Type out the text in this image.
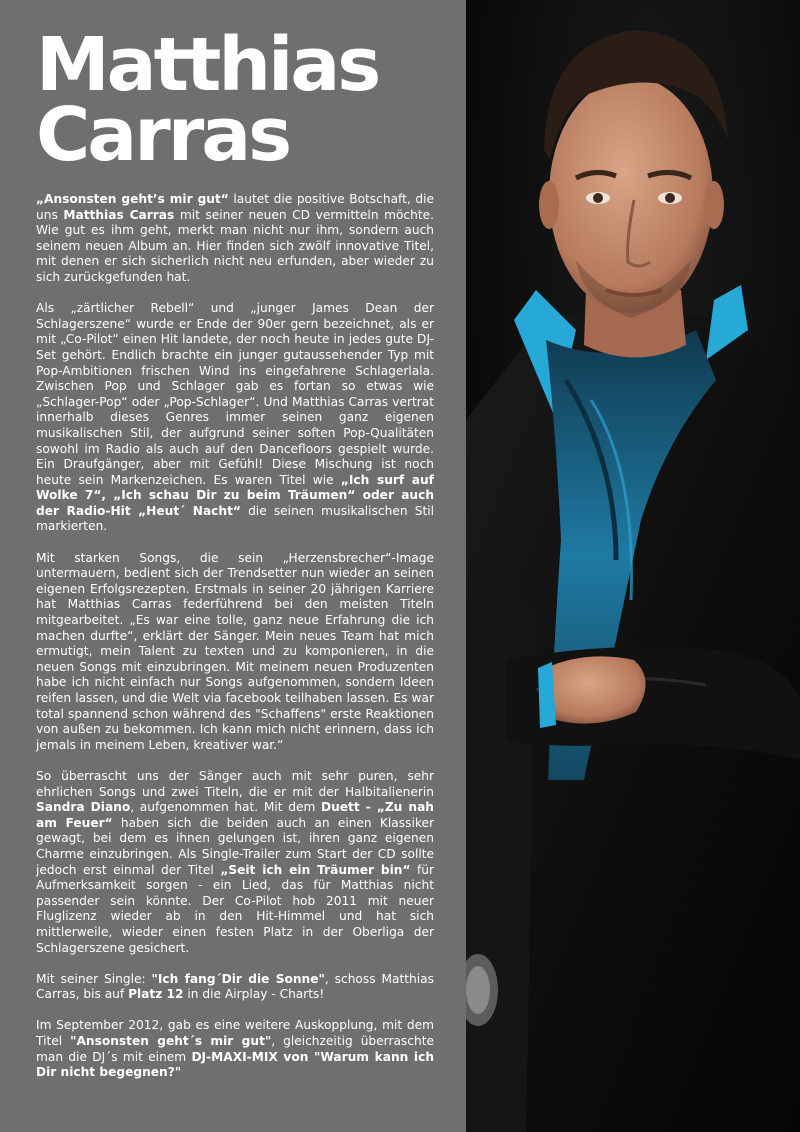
Matthias
Carras

„Ansonsten geht’s mir gut“ lautet die positive Botschaft, die uns Matthias Carras mit seiner neuen CD vermitteln möchte. Wie gut es ihm geht, merkt man nicht nur ihm, sondern auch seinem neuen Album an. Hier finden sich zwölf innovative Titel, mit denen er sich sicherlich nicht neu erfunden, aber wieder zu sich zurückgefunden hat.

Als „zärtlicher Rebell“ und „junger James Dean der Schlagerszene“ wurde er Ende der 90er gern bezeichnet, als er mit „Co-Pilot“ einen Hit landete, der noch heute in jedes gute DJ-Set gehört. Endlich brachte ein junger gutaussehender Typ mit Pop-Ambitionen frischen Wind ins eingefahrene Schlagerlala. Zwischen Pop und Schlager gab es fortan so etwas wie „Schlager-Pop“ oder „Pop-Schlager“. Und Matthias Carras vertrat innerhalb dieses Genres immer seinen ganz eigenen musikalischen Stil, der aufgrund seiner soften Pop-Qualitäten sowohl im Radio als auch auf den Dancefloors gespielt wurde. Ein Draufgänger, aber mit Gefühl! Diese Mischung ist noch heute sein Markenzeichen. Es waren Titel wie „Ich surf auf Wolke 7“, „Ich schau Dir zu beim Träumen“ oder auch der Radio-Hit „Heut´ Nacht“ die seinen musikalischen Stil markierten.

Mit starken Songs, die sein „Herzensbrecher“-Image untermauern, bedient sich der Trendsetter nun wieder an seinen eigenen Erfolgsrezepten. Erstmals in seiner 20 jährigen Karriere hat Matthias Carras federführend bei den meisten Titeln mitgearbeitet. „Es war eine tolle, ganz neue Erfahrung die ich machen durfte“, erklärt der Sänger. Mein neues Team hat mich ermutigt, mein Talent zu texten und zu komponieren, in die neuen Songs mit einzubringen. Mit meinem neuen Produzenten habe ich nicht einfach nur Songs aufgenommen, sondern Ideen reifen lassen, und die Welt via facebook teilhaben lassen. Es war total spannend schon während des "Schaffens" erste Reaktionen von außen zu bekommen. Ich kann mich nicht erinnern, dass ich jemals in meinem Leben, kreativer war.“

So überrascht uns der Sänger auch mit sehr puren, sehr ehrlichen Songs und zwei Titeln, die er mit der Halbitalienerin Sandra Diano, aufgenommen hat. Mit dem Duett - „Zu nah am Feuer“ haben sich die beiden auch an einen Klassiker gewagt, bei dem es ihnen gelungen ist, ihren ganz eigenen Charme einzubringen. Als Single-Trailer zum Start der CD sollte jedoch erst einmal der Titel „Seit ich ein Träumer bin“ für Aufmerksamkeit sorgen - ein Lied, das für Matthias nicht passender sein könnte. Der Co-Pilot hob 2011 mit neuer Fluglizenz wieder ab in den Hit-Himmel und hat sich mittlerweile, wieder einen festen Platz in der Oberliga der Schlagerszene gesichert.

Mit seiner Single: "Ich fang´Dir die Sonne", schoss Matthias Carras, bis auf Platz 12 in die Airplay - Charts!

Im September 2012, gab es eine weitere Auskopplung, mit dem Titel "Ansonsten geht´s mir gut", gleichzeitig überraschte man die DJ´s mit einem DJ-MAXI-MIX von "Warum kann ich Dir nicht begegnen?"
